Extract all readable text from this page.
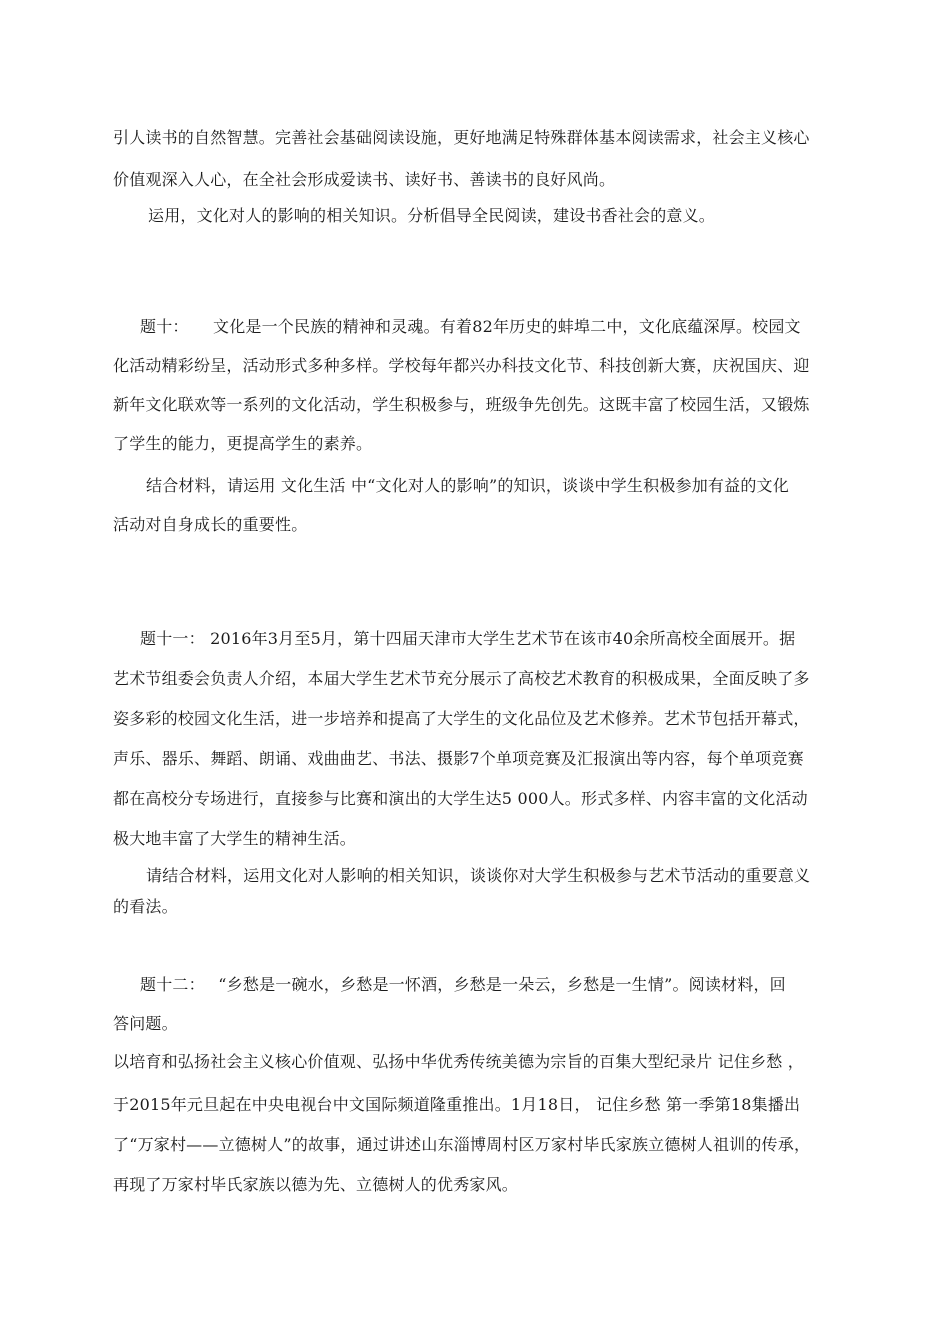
引人读书的自然智慧。完善社会基础阅读设施，更好地满足特殊群体基本阅读需求，社会主义核心
价值观深入人心，在全社会形成爱读书、读好书、善读书的良好风尚。
运用，文化对人的影响的相关知识。分析倡导全民阅读，建设书香社会的意义。
题十：　　文化是一个民族的精神和灵魂。有着82年历史的蚌埠二中，文化底蕴深厚。校园文
化活动精彩纷呈，活动形式多种多样。学校每年都兴办科技文化节、科技创新大赛，庆祝国庆、迎
新年文化联欢等一系列的文化活动，学生积极参与，班级争先创先。这既丰富了校园生活，又锻炼
了学生的能力，更提高学生的素养。
结合材料，请运用 文化生活 中“文化对人的影响”的知识，谈谈中学生积极参加有益的文化
活动对自身成长的重要性。
题十一： 2016年3月至5月，第十四届天津市大学生艺术节在该市40余所高校全面展开。据
艺术节组委会负责人介绍，本届大学生艺术节充分展示了高校艺术教育的积极成果，全面反映了多
姿多彩的校园文化生活，进一步培养和提高了大学生的文化品位及艺术修养。艺术节包括开幕式，
声乐、器乐、舞蹈、朗诵、戏曲曲艺、书法、摄影7个单项竞赛及汇报演出等内容，每个单项竞赛
都在高校分专场进行，直接参与比赛和演出的大学生达5 000人。形式多样、内容丰富的文化活动
极大地丰富了大学生的精神生活。
请结合材料，运用文化对人影响的相关知识，谈谈你对大学生积极参与艺术节活动的重要意义
的看法。
题十二：　 “乡愁是一碗水，乡愁是一怀酒，乡愁是一朵云，乡愁是一生情”。阅读材料，回
答问题。
以培育和弘扬社会主义核心价值观、弘扬中华优秀传统美德为宗旨的百集大型纪录片 记住乡愁 ，
于2015年元旦起在中央电视台中文国际频道隆重推出。1月18日， 记住乡愁 第一季第18集播出
了“万家村——立德树人”的故事，通过讲述山东淄博周村区万家村毕氏家族立德树人祖训的传承，
再现了万家村毕氏家族以德为先、立德树人的优秀家风。
